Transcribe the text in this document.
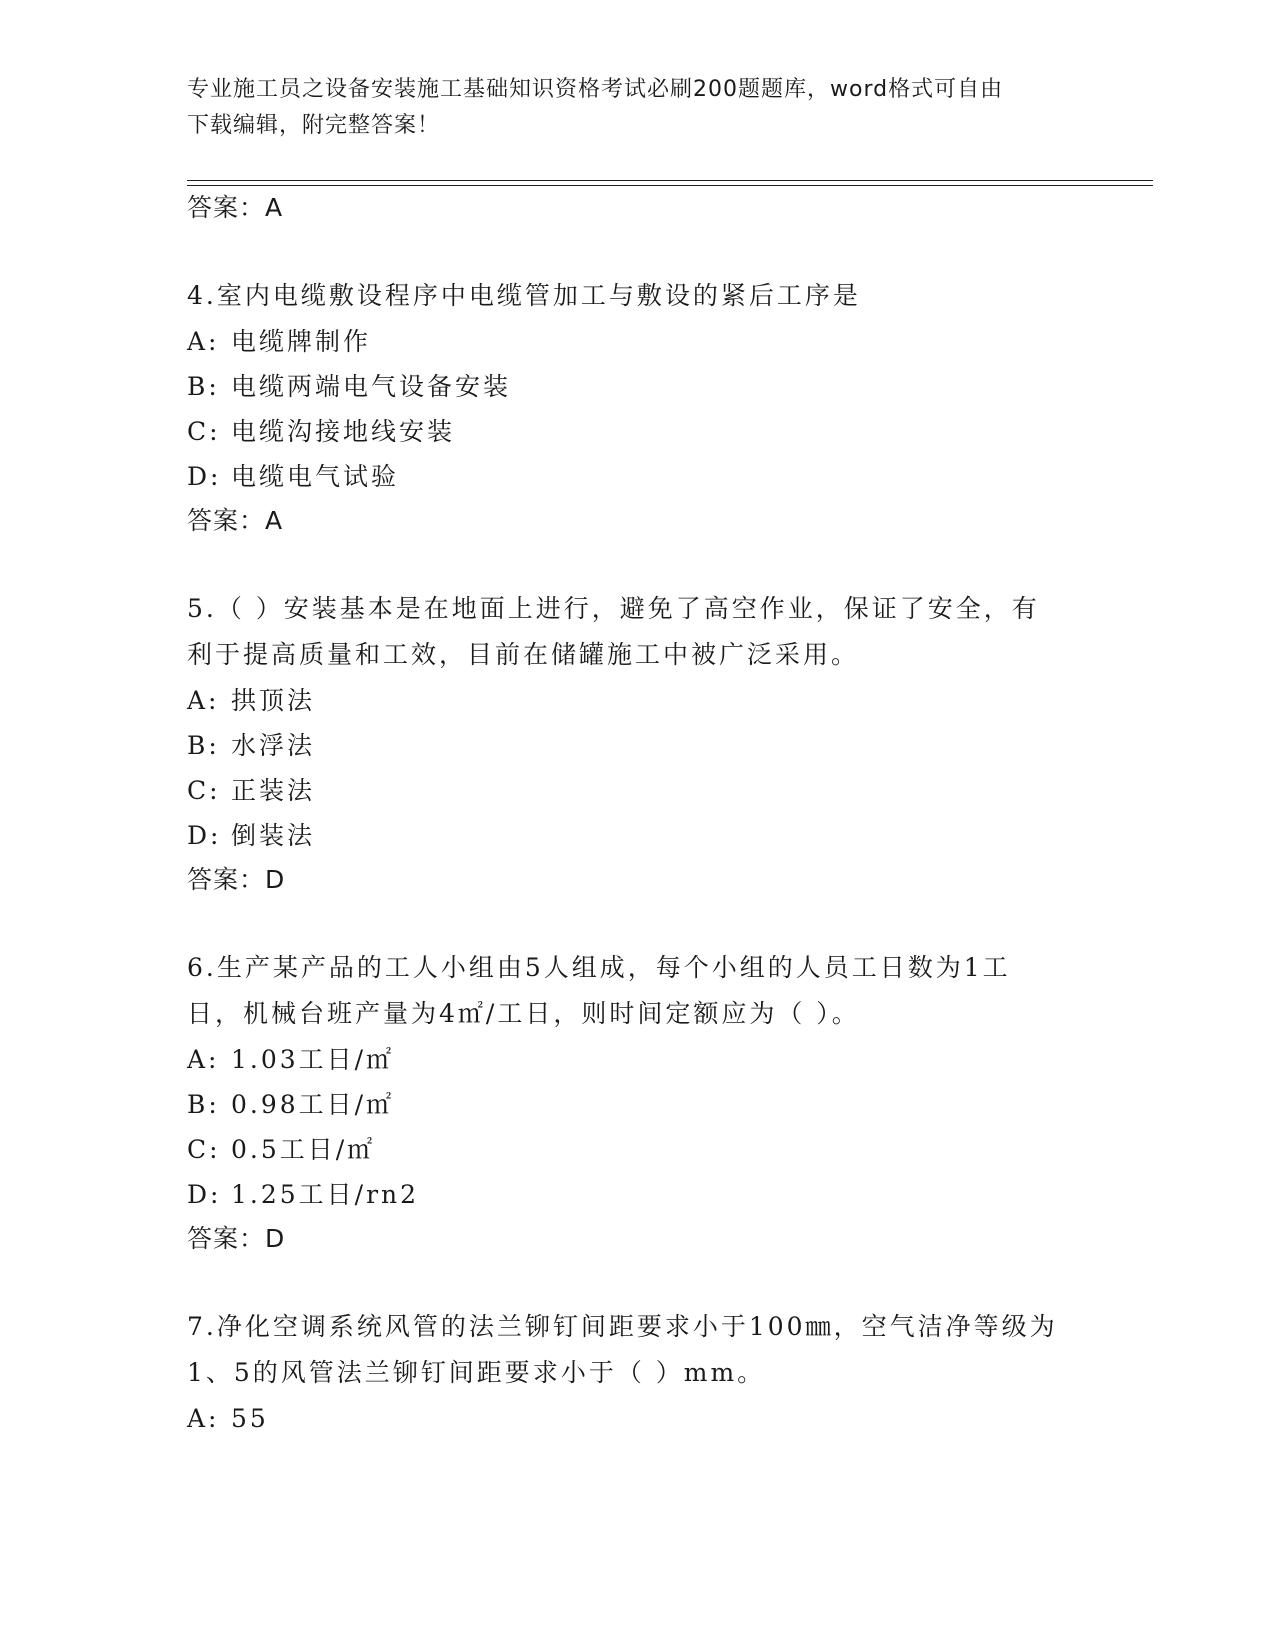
专业施工员之设备安装施工基础知识资格考试必刷200题题库，word格式可自由
下载编辑，附完整答案！
答案：A
4.室内电缆敷设程序中电缆管加工与敷设的紧后工序是
A: 电缆牌制作
B: 电缆两端电气设备安装
C: 电缆沟接地线安装
D: 电缆电气试验
答案：A
5.（ ）安装基本是在地面上进行，避免了高空作业，保证了安全，有
利于提高质量和工效，目前在储罐施工中被广泛采用。
A: 拱顶法
B: 水浮法
C: 正装法
D: 倒装法
答案：D
6.生产某产品的工人小组由5人组成，每个小组的人员工日数为1工
日，机械台班产量为4㎡/工日，则时间定额应为（ ）。
A: 1.03工日/㎡
B: 0.98工日/㎡
C: 0.5工日/㎡
D: 1.25工日/rn2
答案：D
7.净化空调系统风管的法兰铆钉间距要求小于100㎜，空气洁净等级为
1、5的风管法兰铆钉间距要求小于（ ）mm。
A: 55
